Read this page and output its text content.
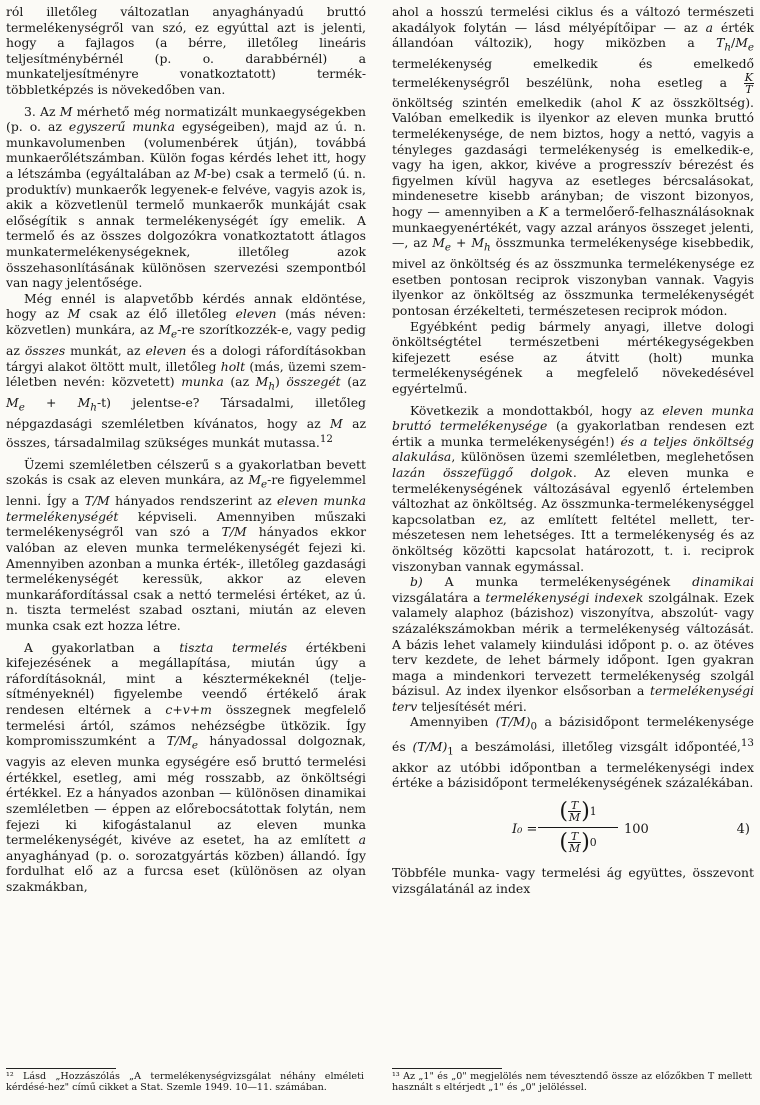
ról illetőleg változatlan anyaghányadú bruttó termelékenységről van szó, ez egyúttal azt is jelenti, hogy a fajlagos (a bérre, illetőleg lineáris teljesítménybérnél (p. o. darabbérnél) a munkateljesítményre vonatkoztatott) terméktöbbletképzés is növekedőben van.

3. Az M mérhető még normatizált munkaegységekben (p. o. az egyszerű munka egységeiben), majd az ú. n. munkavolumenben (volumenbérek útján), továbbá munkaerőlétszámban. Külön fogas kérdés lehet itt, hogy a létszámba (egyáltalában az M-be) csak a termelő (ú. n. produktív) munkaerők legyenek-e felvéve, vagyis azok is, akik a közvetlenül termelő munkaerők munkáját csak előségítik s annak termelékenységét így emelik. A termelő és az összes dolgozókra vonatkoztatott átlagos munkatermelékenységeknek, illetőleg azok összehasonlításának különösen szervezési szempontból van nagy jelentősége.

Még ennél is alapvetőbb kérdés annak eldöntése, hogy az M csak az élő illetőleg eleven (más néven: közvetlen) munkára, az $M_e-re$ szorítkozzék-e, vagy pedig az összes munkát, az eleven és a dologi ráfordításokban tárgyi alakot öltött mult, illetőleg holt (más, üzemi szemléletben nevén: közvetett) munka (az $M_h$) összegét (az $M_e + M_h-t$) jelentse-e? Társadalmi, illetőleg népgazdasági szemléletben kívánatos, hogy az M az összes, társadalmilag szükséges munkát mutassa.$^{12}$

Üzemi szemléletben célszerű s a gyakorlatban bevett szokás is csak az eleven munkára, az $M_e-re$ figyelemmel lenni. Így a T/M hányados rendszerint az eleven munka termelékenységét képviseli. Amennyiben műszaki termelékenységről van szó a T/M hányados ekkor valóban az eleven munka termelékenységét fejezi ki. Amennyiben azonban a munka érték-, illetőleg gazdasági termelékenységét keressük, akkor az eleven munkaráfordítással csak a nettó termelési értéket, az ú. n. tiszta termelést szabad osztani, miután az eleven munka csak ezt hozza létre.

A gyakorlatban a tiszta termelés értékbeni kifejezésének a megállapítása, miután úgy a ráfordításoknál, mint a késztermékeknél (teljesítményeknél) figyelembe veendő értékelő árak rendesen eltérnek a c+v+m összegnek megfelelő termelési ártól, számos nehézségbe ütközik. Így kompromisszumként a $T/M_e$ hányadossal dolgoznak, vagyis az eleven munka egységére eső bruttó termelési értékkel, esetleg, ami még rosszabb, az önköltségi értékkel. Ez a hányados azonban — különösen dinamikai szemléletben — éppen az előrebocsátottak folytán, nem fejezi ki kifogástalanul az eleven munka termelékenységét, kivéve az esetet, ha az említett a anyaghányad (p. o. sorozatgyártás közben) állandó. Így fordulhat elő az a furcsa eset (különösen az olyan szakmákban,

ahol a hosszú termelési ciklus és a változó természeti akadályok folytán — lásd mélyépítőipar — az a érték állandóan változik), hogy miközben a $T_h/M_e$ termelékenység emelkedik és emelkedő termelékenységről beszélünk, noha esetleg a $\frac{K}{T}$
önköltség szintén emelkedik (ahol K az összköltség). Valóban emelkedik is ilyenkor az eleven munka bruttó termelékenysége, de nem biztos, hogy a nettó, vagyis a tényleges gazdasági termelékenység is emelkedik-e, vagy ha igen, akkor, kivéve a progresszív bérezést és figyelmen kívül hagyva az esetleges bércsalásokat, mindenesetre kisebb arányban; de viszont bizonyos, hogy — amennyiben a K a termelőerő-felhasználásoknak munkaegyenértékét, vagy azzal arányos összeget jelenti, —, az $M_e + M_h$ összmunka termelékenysége kisebbedik, mivel az önköltség és az összmunka termelékenysége ez esetben pontosan reciprok viszonyban vannak. Vagyis ilyenkor az önköltség az összmunka termelékenységét pontosan érzékelteti, természetesen reciprok módon.

Egyébként pedig bármely anyagi, illetve dologi önköltségtétel természetbeni mértékegységekben kifejezett esése az átvitt (holt) munka termelékenységének a megfelelő növekedésével egyértelmű.

Következik a mondottakból, hogy az eleven munka bruttó termelékenysége (a gyakorlatban rendesen ezt értik a munka termelékenységén!) és a teljes önköltség alakulása, különösen üzemi szemléletben, meglehetősen lazán összefüggő dolgok. Az eleven munka e termelékenységének változásával egyenlő értelemben változhat az önköltség. Az összmunka-termelékenységgel kapcsolatban ez, az említett feltétel mellett, természetesen nem lehetséges. Itt a termelékenység és az önköltség közötti kapcsolat határozott, t. i. reciprok viszonyban vannak egymással.

b) A munka termelékenységének dinamikai vizsgálatára a termelékenységi indexek szolgálnak. Ezek valamely alaphoz (bázishoz) viszonyítva, abszolút- vagy százalékszámokban mérik a termelékenység változását. A bázis lehet valamely kiindulási időpont p. o. az ötéves terv kezdete, de lehet bármely időpont. Igen gyakran maga a mindenkori tervezett termelékenység szolgál bázisul. Az index ilyenkor elsősorban a termelékenységi terv teljesítését méri.

Amennyiben $(T/M)_0$ a bázisidőpont termelékenysége és $(T/M)_1$ a beszámolási, illetőleg vizsgált időpontéé,$^{13}$ akkor az utóbbi időpontban a termelékenységi index értéke a bázisidőpont termelékenységének százalékában.

$I_0 = \frac{( \frac{T}{M} ) 1}{( \frac{T}{M} ) 0} 100$	4)

Többféle munka- vagy termelési ág együttes, összevont vizsgálatánál az index

¹² Lásd „Hozzászólás „A termelékenységvizsgálat néhány elméleti kérdésé-hez" című cikket a Stat. Szemle 1949. 10—11. számában.
¹³ Az „1" és „0" megjelölés nem tévesztendő össze az előzőkben T mellett használt s eltérjedt „1" és „0" jelöléssel.
